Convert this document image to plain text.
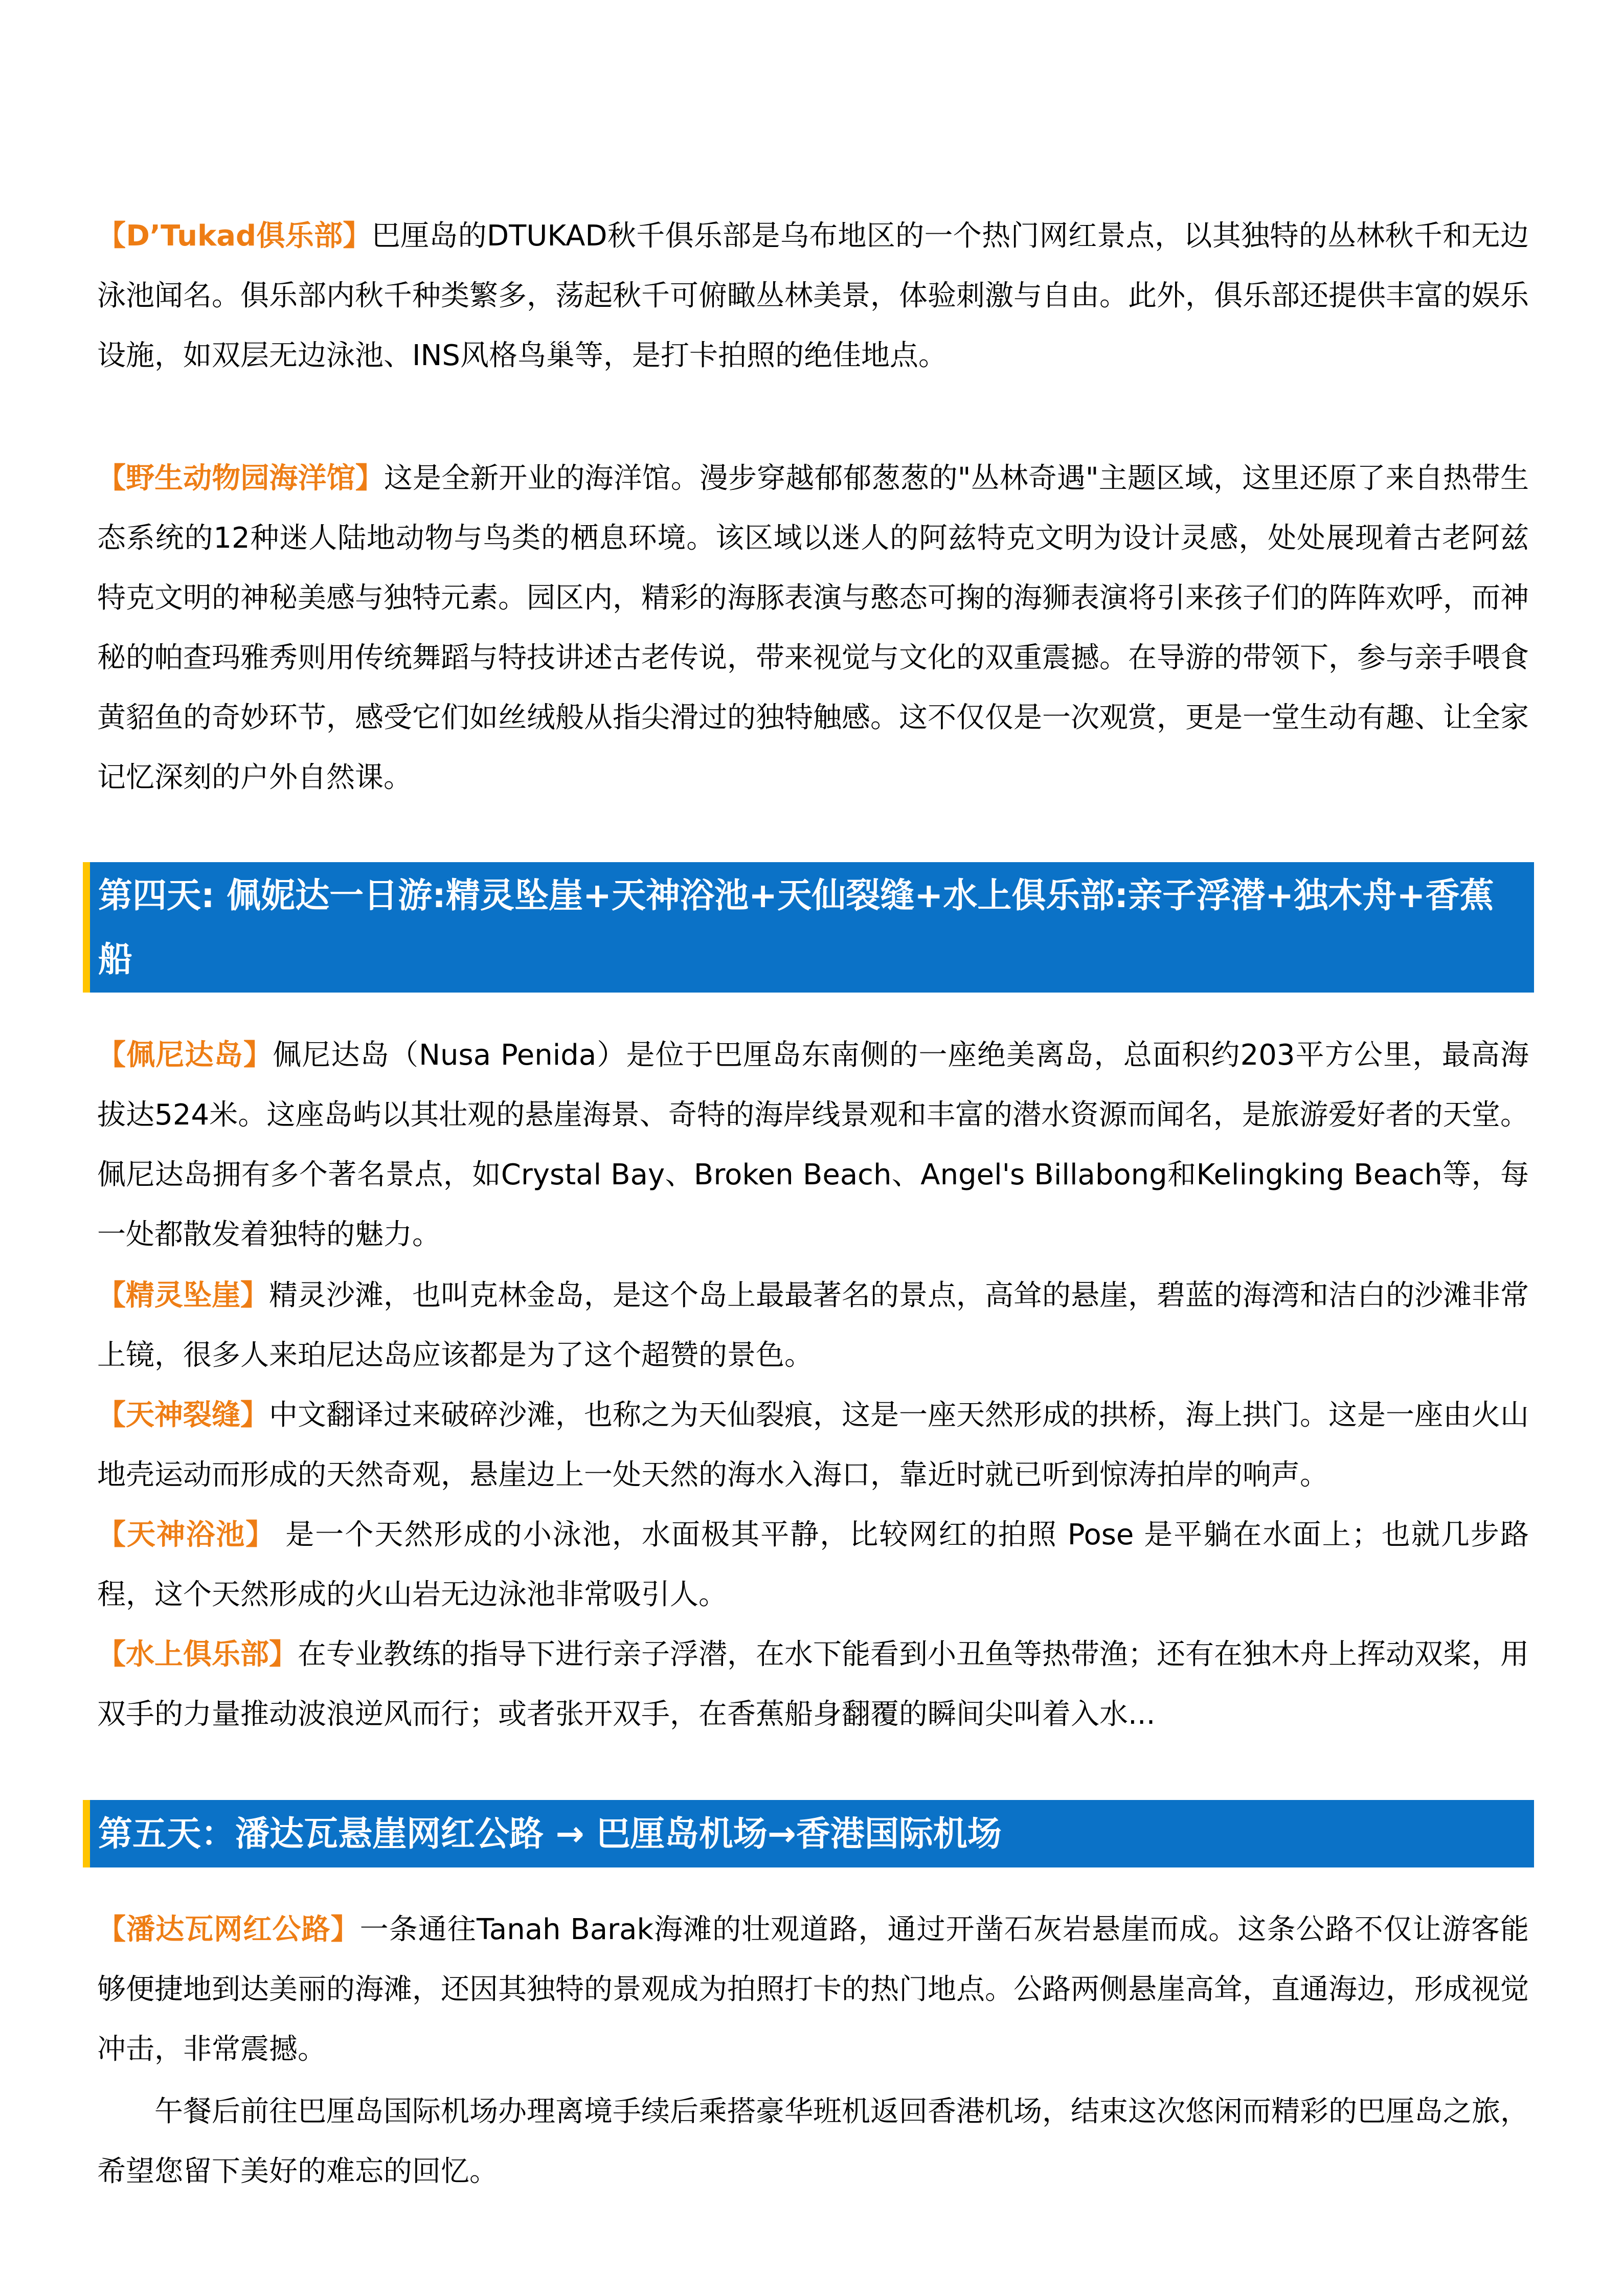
【D’Tukad俱乐部】巴厘岛的DTUKAD秋千俱乐部是乌布地区的一个热门网红景点，以其独特的丛林秋千和无边泳池闻名。俱乐部内秋千种类繁多，荡起秋千可俯瞰丛林美景，体验刺激与自由。此外，俱乐部还提供丰富的娱乐设施，如双层无边泳池、INS风格鸟巢等，是打卡拍照的绝佳地点。

【野生动物园海洋馆】这是全新开业的海洋馆。漫步穿越郁郁葱葱的"丛林奇遇"主题区域，这里还原了来自热带生态系统的12种迷人陆地动物与鸟类的栖息环境。该区域以迷人的阿兹特克文明为设计灵感，处处展现着古老阿兹特克文明的神秘美感与独特元素。园区内，精彩的海豚表演与憨态可掬的海狮表演将引来孩子们的阵阵欢呼，而神秘的帕查玛雅秀则用传统舞蹈与特技讲述古老传说，带来视觉与文化的双重震撼。在导游的带领下，参与亲手喂食黄貂鱼的奇妙环节，感受它们如丝绒般从指尖滑过的独特触感。这不仅仅是一次观赏，更是一堂生动有趣、让全家记忆深刻的户外自然课。

第四天: 佩妮达一日游:精灵坠崖+天神浴池+天仙裂缝+水上俱乐部:亲子浮潜+独木舟+香蕉船

【佩尼达岛】佩尼达岛（Nusa Penida）是位于巴厘岛东南侧的一座绝美离岛，总面积约203平方公里，最高海拔达524米。这座岛屿以其壮观的悬崖海景、奇特的海岸线景观和丰富的潜水资源而闻名，是旅游爱好者的天堂。佩尼达岛拥有多个著名景点，如Crystal Bay、Broken Beach、Angel's Billabong和Kelingking Beach等，每一处都散发着独特的魅力。

【精灵坠崖】精灵沙滩，也叫克林金岛，是这个岛上最最著名的景点，高耸的悬崖，碧蓝的海湾和洁白的沙滩非常上镜，很多人来珀尼达岛应该都是为了这个超赞的景色。

【天神裂缝】中文翻译过来破碎沙滩，也称之为天仙裂痕，这是一座天然形成的拱桥，海上拱门。这是一座由火山地壳运动而形成的天然奇观，悬崖边上一处天然的海水入海口，靠近时就已听到惊涛拍岸的响声。

【天神浴池】 是一个天然形成的小泳池，水面极其平静，比较网红的拍照 Pose 是平躺在水面上；也就几步路程，这个天然形成的火山岩无边泳池非常吸引人。

【水上俱乐部】在专业教练的指导下进行亲子浮潜，在水下能看到小丑鱼等热带渔；还有在独木舟上挥动双桨，用双手的力量推动波浪逆风而行；或者张开双手，在香蕉船身翻覆的瞬间尖叫着入水...

第五天：潘达瓦悬崖网红公路 → 巴厘岛机场→香港国际机场

【潘达瓦网红公路】一条通往Tanah Barak海滩的壮观道路，通过开凿石灰岩悬崖而成。这条公路不仅让游客能够便捷地到达美丽的海滩，还因其独特的景观成为拍照打卡的热门地点。公路两侧悬崖高耸，直通海边，形成视觉冲击，非常震撼。

午餐后前往巴厘岛国际机场办理离境手续后乘搭豪华班机返回香港机场，结束这次悠闲而精彩的巴厘岛之旅，希望您留下美好的难忘的回忆。
